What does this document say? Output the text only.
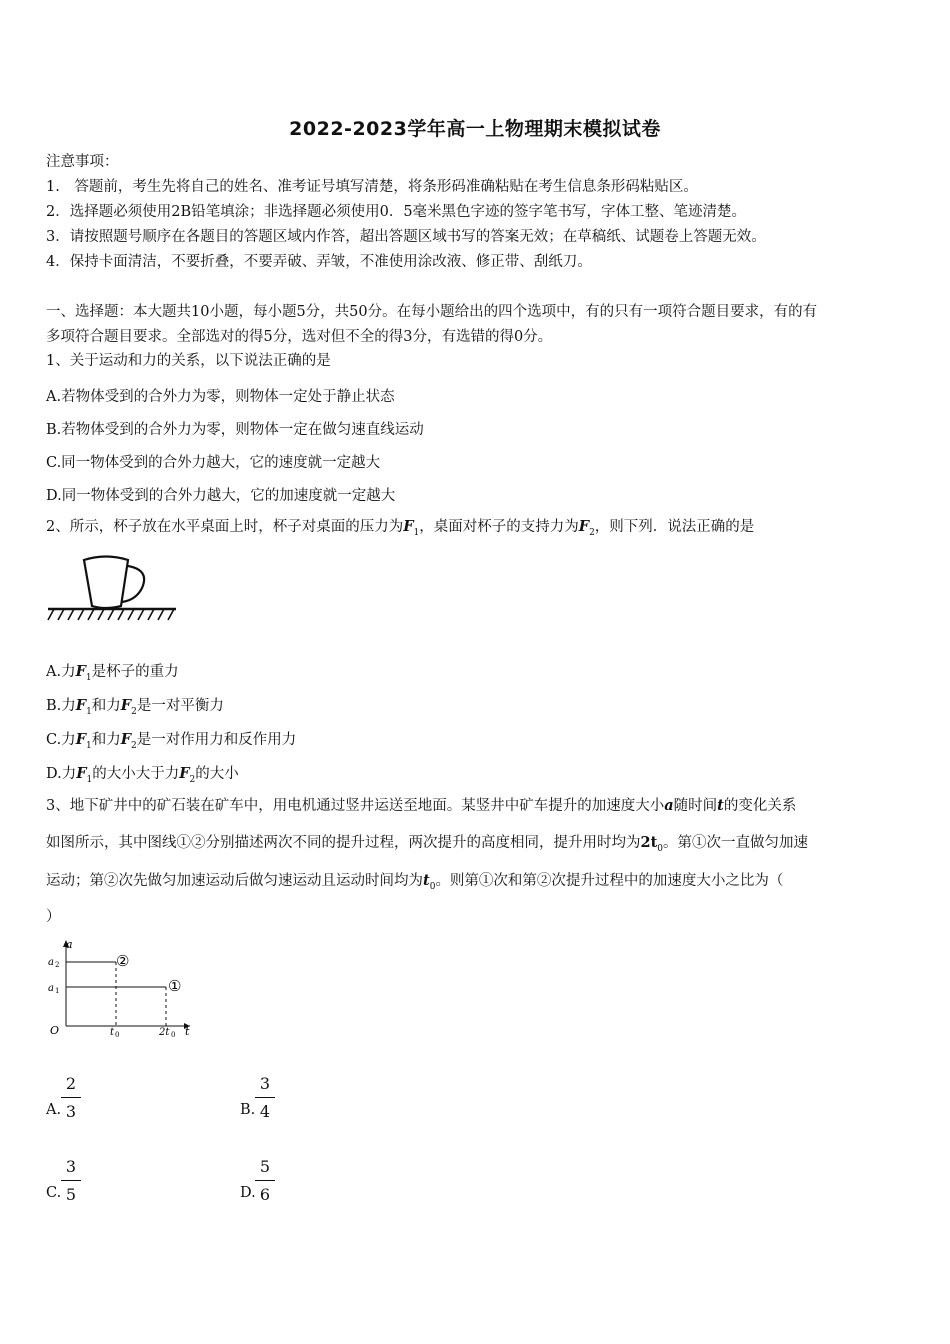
2022-2023学年高一上物理期末模拟试卷
注意事项：
1.　答题前，考生先将自己的姓名、准考证号填写清楚，将条形码准确粘贴在考生信息条形码粘贴区。
2．选择题必须使用2B铅笔填涂；非选择题必须使用0．5毫米黑色字迹的签字笔书写，字体工整、笔迹清楚。
3．请按照题号顺序在各题目的答题区域内作答，超出答题区域书写的答案无效；在草稿纸、试题卷上答题无效。
4．保持卡面清洁，不要折叠，不要弄破、弄皱，不准使用涂改液、修正带、刮纸刀。
一、选择题：本大题共10小题，每小题5分，共50分。在每小题给出的四个选项中，有的只有一项符合题目要求，有的有
多项符合题目要求。全部选对的得5分，选对但不全的得3分，有选错的得0分。
1、关于运动和力的关系，以下说法正确的是
A.若物体受到的合外力为零，则物体一定处于静止状态
B.若物体受到的合外力为零，则物体一定在做匀速直线运动
C.同一物体受到的合外力越大，它的速度就一定越大
D.同一物体受到的合外力越大，它的加速度就一定越大
2、所示，杯子放在水平桌面上时，杯子对桌面的压力为$F_1$，桌面对杯子的支持力为$F_2$，则下列．说法正确的是
A.力$F_1$是杯子的重力
B.力$F_1$和力$F_2$是一对平衡力
C.力$F_1$和力$F_2$是一对作用力和反作用力
D.力$F_1$的大小大于力$F_2$的大小
3、地下矿井中的矿石装在矿车中，用电机通过竖井运送至地面。某竖井中矿车提升的加速度大小a随时间t的变化关系
如图所示，其中图线①②分别描述两次不同的提升过程，两次提升的高度相同，提升用时均为$2t_0$。第①次一直做匀加速
运动；第②次先做匀加速运动后做匀速运动且运动时间均为$t_0$。则第①次和第②次提升过程中的加速度大小之比为（
）
a
a 2
a 1
O	t 0	2t 0 t
②
①
A.
2
3	B.
3
4
C.
3
5	D.
5
6
